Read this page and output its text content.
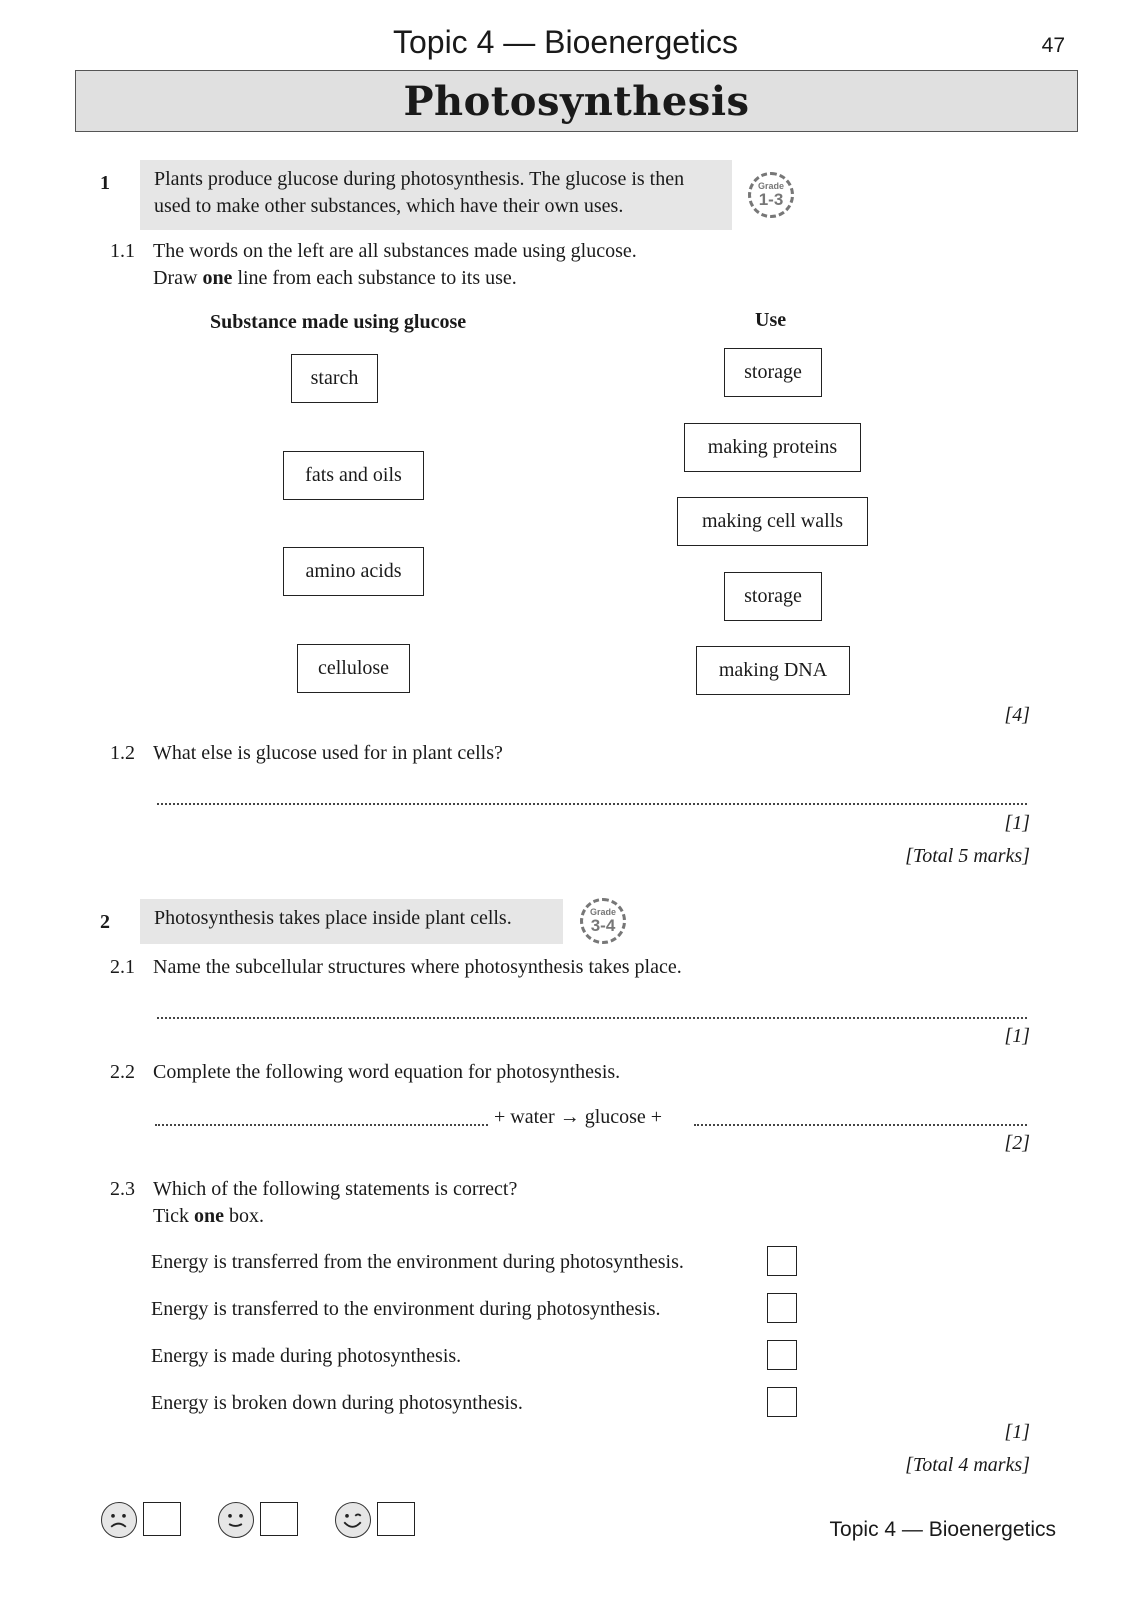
Topic 4 — Bioenergetics	47
Photosynthesis
1	Plants produce glucose during photosynthesis. The glucose is then used to make other substances, which have their own uses.
Grade
1-3
1.1 The words on the left are all substances made using glucose.
Draw one line from each substance to its use.
Substance made using glucose	Use
starch
fats and oils
amino acids
cellulose
storage
making proteins
making cell walls
storage
making DNA
[4]
1.2 What else is glucose used for in plant cells?
[1]
[Total 5 marks]
2	Photosynthesis takes place inside plant cells.	Grade
3-4
2.1 Name the subcellular structures where photosynthesis takes place.
[1]
2.2 Complete the following word equation for photosynthesis.
+ water → glucose +
[2]
2.3 Which of the following statements is correct?
Tick one box.
Energy is transferred from the environment during photosynthesis.
Energy is transferred to the environment during photosynthesis.
Energy is made during photosynthesis.
Energy is broken down during photosynthesis.
[1]
[Total 4 marks]
Topic 4 — Bioenergetics
